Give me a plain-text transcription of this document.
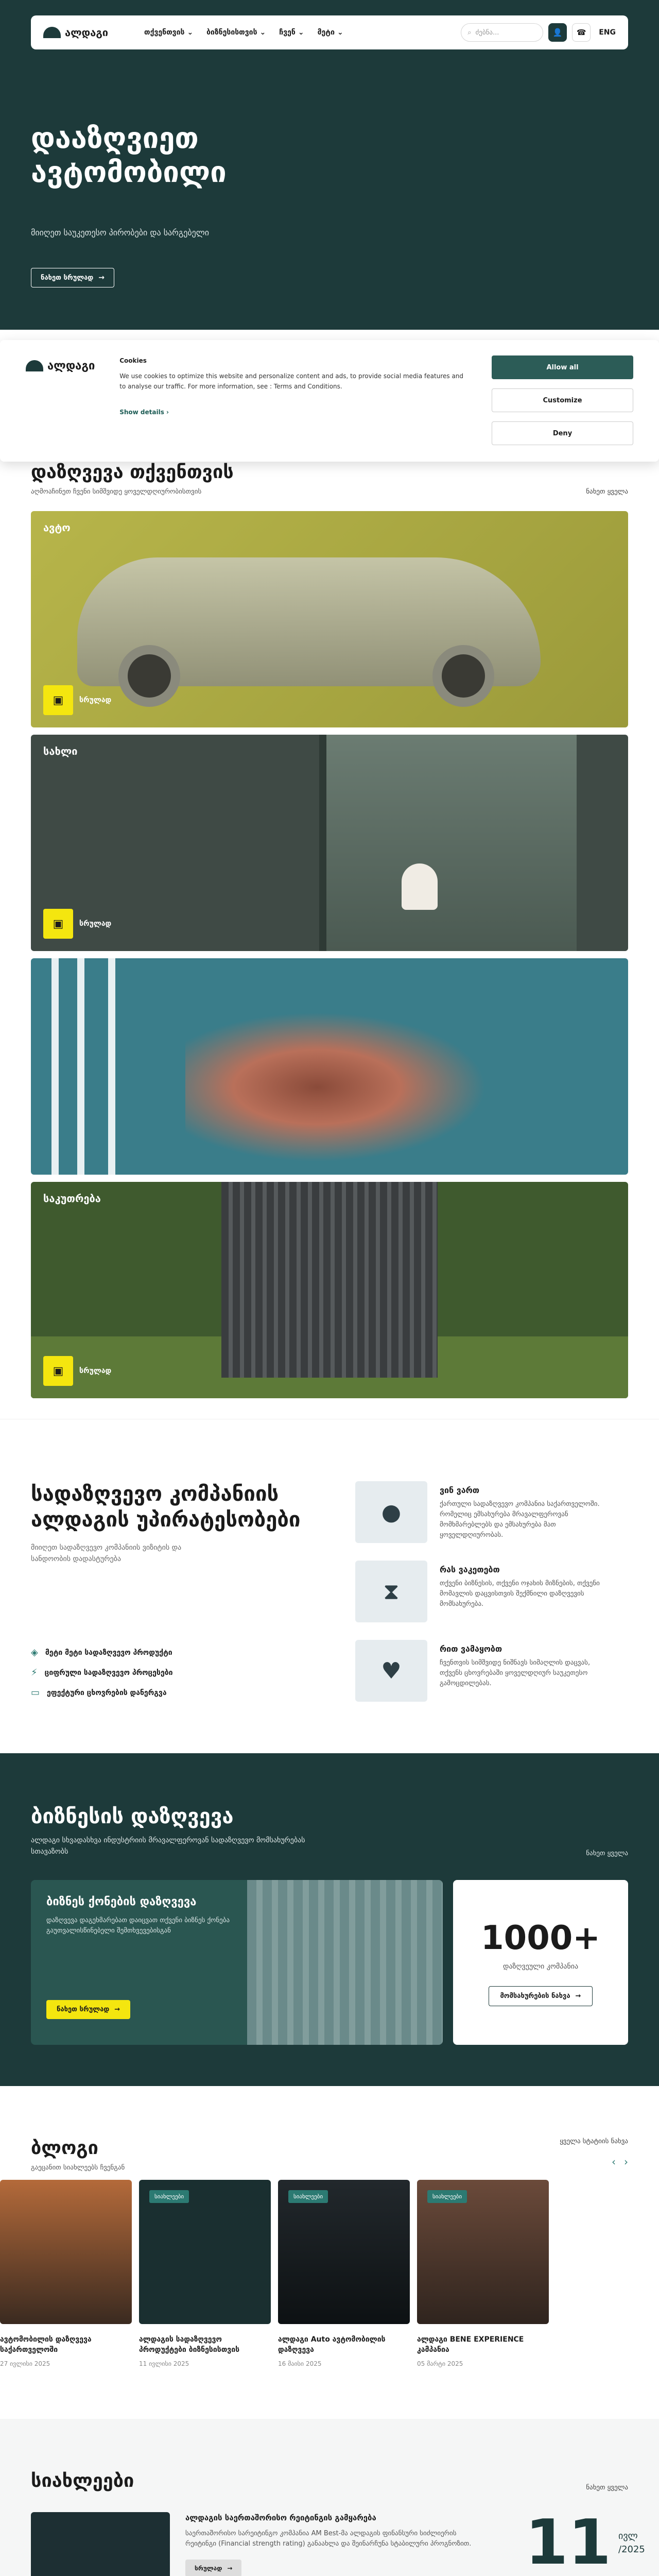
ალდაგი	თქვენთვის ⌄ ბიზნესისთვის ⌄ ჩვენ ⌄ მეტი ⌄	⌕ ძებნა...	👤	☎	ENG
დააზღვიეთ ავტომობილი

მიიღეთ საუკეთესო პირობები და სარგებელი

ნახეთ სრულად →
ალდაგი	Cookies
We use cookies to optimize this website and personalize content and ads, to provide social media features and to analyse our traffic. For more information, see : Terms and Conditions.
Show details ›
Allow all
Customize
Deny
დაზღვევა თქვენთვის
აღმოაჩინეთ ჩვენი სიმშვიდე ყოველდღიურობისთვის	ნახეთ ყველა
ავტო
▣	სრულად
სახლი
▣	სრულად
საკუთრება
▣	სრულად
სადაზღვევო კომპანიის ალდაგის უპირატესობები
მიიღეთ სადაზღვევო კომპანიის ვიზიტის და სანდოობის დადასტურება
◈ მეტი მეტი სადაზღვევო პროდუქტი
⚡ ციფრული სადაზღვევო პროცესები
▭ ეფექტური ცხოვრების დანერგვა
●
ვინ ვართ
ქართული სადაზღვევო კომპანია საქართველოში. რომელიც ემსახურება მრავალფეროვან მომხმარებლებს და ემსახურება მათ ყოველდღიურობას.
⧗
რას ვაკეთებთ
თქვენი ბიზნესის, თქვენი ოჯახის მიზნების, თქვენი მომავლის დაცვისთვის შექმნილი დაზღვევის მომსახურება.
♥
რით ვამაყობთ
ჩვენთვის სიმშვიდე ნიშნავს სიმაღლის დაცვას, თქვენს ცხოვრებაში ყოველდღიურ საუკეთესო გამოცდილებას.
ბიზნესის დაზღვევა
ალდაგი სხვადასხვა ინდუსტრიის მრავალფეროვან სადაზღვევო მომსახურებას სთავაზობს	ნახეთ ყველა
ბიზნეს ქონების დაზღვევა

დაზღვევა დაგეხმარებათ დაიცვათ თქვენი ბიზნეს ქონება გაუთვალისწინებელი შემთხვევებისგან

ნახეთ სრულად →
1000+
დაზღვეული კომპანია
მომსახურების ნახვა →
ბლოგი
გაეცანით სიახლეებს ჩვენგან
ყველა სტატიის ნახვა
‹ ›
ავტომობილის დაზღვევა საქართველოში
27 ივლისი 2025
სიახლეები
ალდაგის სადაზღვევო პროდუქტები ბიზნესისთვის
11 ივლისი 2025
სიახლეები
ალდაგი Auto ავტომობილის დაზღვევა
16 მაისი 2025
სიახლეები
ალდაგი BENE EXPERIENCE კამპანია
05 მარტი 2025
სიახლეები	ნახეთ ყველა
ალდაგის საერთაშორისო რეიტინგის გამყარება
საერთაშორისო სარეიტინგო კომპანია AM Best-მა ალდაგის ფინანსური სიძლიერის რეიტინგი (Financial strength rating) განაახლა და შეინარჩუნა სტაბილური პროგნოზით.
სრულად →	11 ივლ
/2025
